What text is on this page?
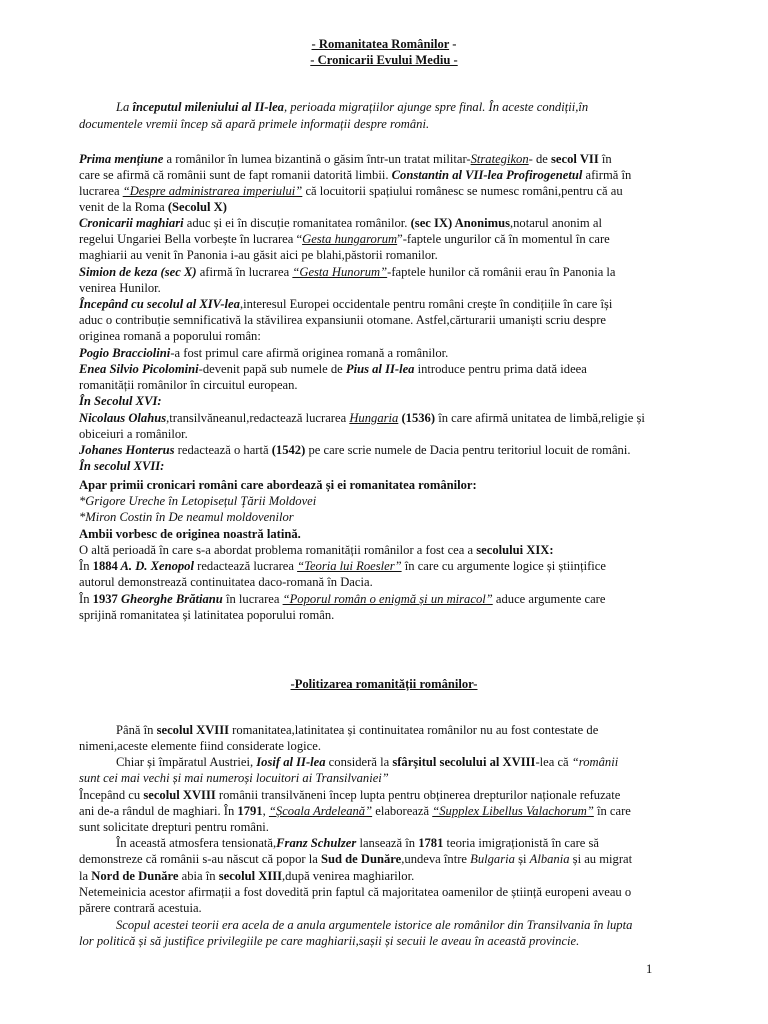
- Romanitatea Românilor -
- Cronicarii Evului Mediu -
La începutul mileniului al II-lea, perioada migrațiilor ajunge spre final. În aceste condiții,în
documentele vremii încep să apară primele informații despre români.
Prima mențiune a românilor în lumea bizantină o găsim într-un tratat militar-Strategikon- de secol VII în
care se afirmă că românii sunt de fapt romanii datorită limbii. Constantin al VII-lea Profirogenetul afirmă în
lucrarea “Despre administrarea imperiului” că locuitorii spațiului românesc se numesc români,pentru că au
venit de la Roma (Secolul X)
Cronicarii maghiari aduc și ei în discuție romanitatea românilor. (sec IX) Anonimus,notarul anonim al
regelui Ungariei Bella vorbește în lucrarea “Gesta hungarorum”-faptele ungurilor că în momentul în care
maghiarii au venit în Panonia i-au găsit aici pe blahi,păstorii romanilor.
Simion de keza (sec X) afirmă în lucrarea “Gesta Hunorum”-faptele hunilor că românii erau în Panonia la
venirea Hunilor.
Începând cu secolul al XIV-lea,interesul Europei occidentale pentru români crește în condițiile în care își
aduc o contribuție semnificativă la stăvilirea expansiunii otomane. Astfel,cărturarii umaniști scriu despre
originea romană a poporului român:
Pogio Bracciolini-a fost primul care afirmă originea romană a românilor.
Enea Silvio Picolomini-devenit papă sub numele de Pius al II-lea introduce pentru prima dată ideea
romanității românilor în circuitul european.
În Secolul XVI:
Nicolaus Olahus,transilvăneanul,redactează lucrarea Hungaria (1536) în care afirmă unitatea de limbă,religie și
obiceiuri a românilor.
Johanes Honterus redactează o hartă (1542) pe care scrie numele de Dacia pentru teritoriul locuit de români.
În secolul XVII:
Apar primii cronicari români care abordează și ei romanitatea românilor:
*Grigore Ureche în Letopisețul Țării Moldovei
*Miron Costin în De neamul moldovenilor
Ambii vorbesc de originea noastră latină.
O altă perioadă în care s-a abordat problema romanității românilor a fost cea a secolului XIX:
În 1884 A. D. Xenopol redactează lucrarea “Teoria lui Roesler” în care cu argumente logice și științifice
autorul demonstrează continuitatea daco-romană în Dacia.
În 1937 Gheorghe Brătianu în lucrarea “Poporul român o enigmă și un miracol” aduce argumente care
sprijină romanitatea și latinitatea poporului român.
-Politizarea romanității românilor-
Până în secolul XVIII romanitatea,latinitatea și continuitatea românilor nu au fost contestate de
nimeni,aceste elemente fiind considerate logice.
Chiar și împăratul Austriei, Iosif al II-lea consideră la sfârșitul secolului al XVIII-lea că “românii
sunt cei mai vechi și mai numeroși locuitori ai Transilvaniei”
Începând cu secolul XVIII românii transilvăneni încep lupta pentru obținerea drepturilor naționale refuzate
ani de-a rândul de maghiari. În 1791, “Școala Ardeleană” elaborează “Supplex Libellus Valachorum” în care
sunt solicitate drepturi pentru români.
În această atmosfera tensionată,Franz Schulzer lansează în 1781 teoria imigraționistă în care să
demonstreze că românii s-au născut că popor la Sud de Dunăre,undeva între Bulgaria și Albania și au migrat
la Nord de Dunăre abia în secolul XIII,după venirea maghiarilor.
Netemeinicia acestor afirmații a fost dovedită prin faptul că majoritatea oamenilor de știință europeni aveau o
părere contrară acestuia.
Scopul acestei teorii era acela de a anula argumentele istorice ale românilor din Transilvania în lupta
lor politică și să justifice privilegiile pe care maghiarii,sașii și secuii le aveau în această provincie.
1
